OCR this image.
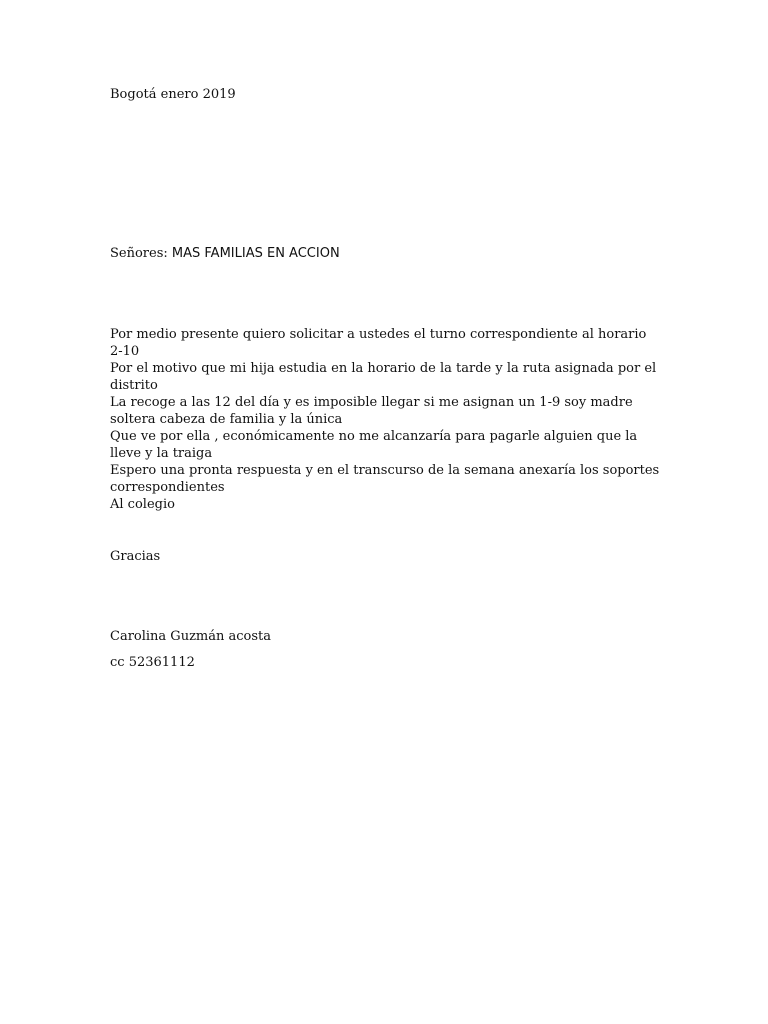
Bogotá enero 2019

Señores: MAS FAMILIAS EN ACCION

Por medio presente quiero solicitar a ustedes el turno correspondiente al horario

2-10

Por el motivo que mi hija estudia en la horario de la tarde y la ruta asignada por el

distrito

La recoge a las 12 del día y es imposible llegar si me asignan un 1-9 soy madre

soltera cabeza de familia y la única

Que ve por ella , económicamente no me alcanzaría para pagarle alguien que la

lleve y la traiga

Espero una pronta respuesta y en el transcurso de la semana anexaría los soportes

correspondientes

Al colegio

Gracias

Carolina Guzmán acosta

cc 52361112
